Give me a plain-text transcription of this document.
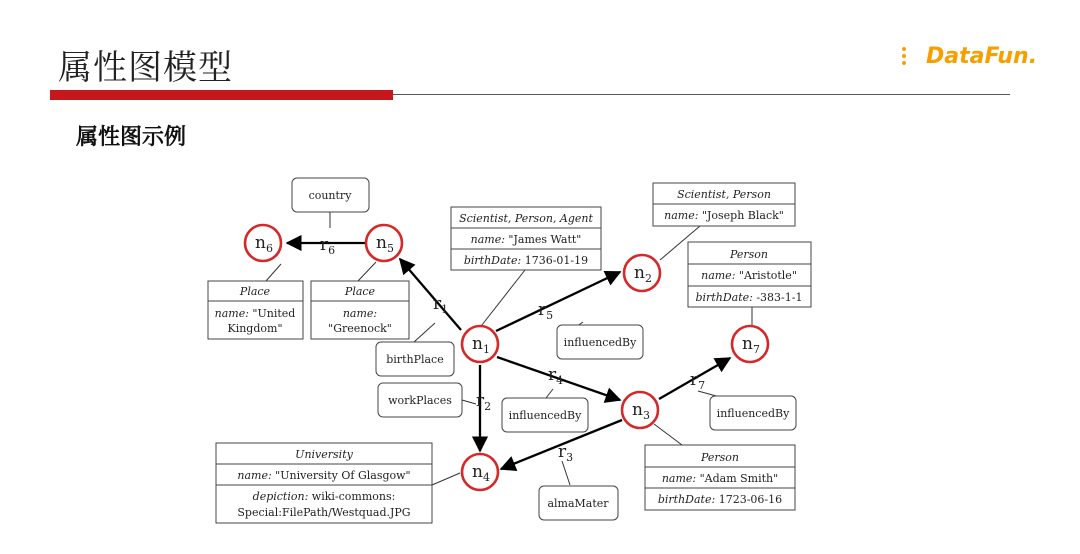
属性图模型	DataFun.
属性图示例
$n_1$
$n_2$
$n_3$
$n_4$
$n_5$
$n_6$
$n_7$
$r_6$
$r_1$	$r_5$
$r_4$
$r_2$
$r_3$
$r_7$
country
birthPlace
workPlaces
influencedBy
influencedBy	influencedBy
almaMater
Scientist, Person, Agent
name: "James Watt"
birthDate: 1736-01-19
Scientist, Person
name: "Joseph Black"
Person
name: "Aristotle"
birthDate: -383-1-1
Person
name: "Adam Smith"
birthDate: 1723-06-16
University
name: "University Of Glasgow"
depiction: wiki-commons:
Special:FilePath/Westquad.JPG
Place
name:
"Greenock"
Place
name: "United
Kingdom"
